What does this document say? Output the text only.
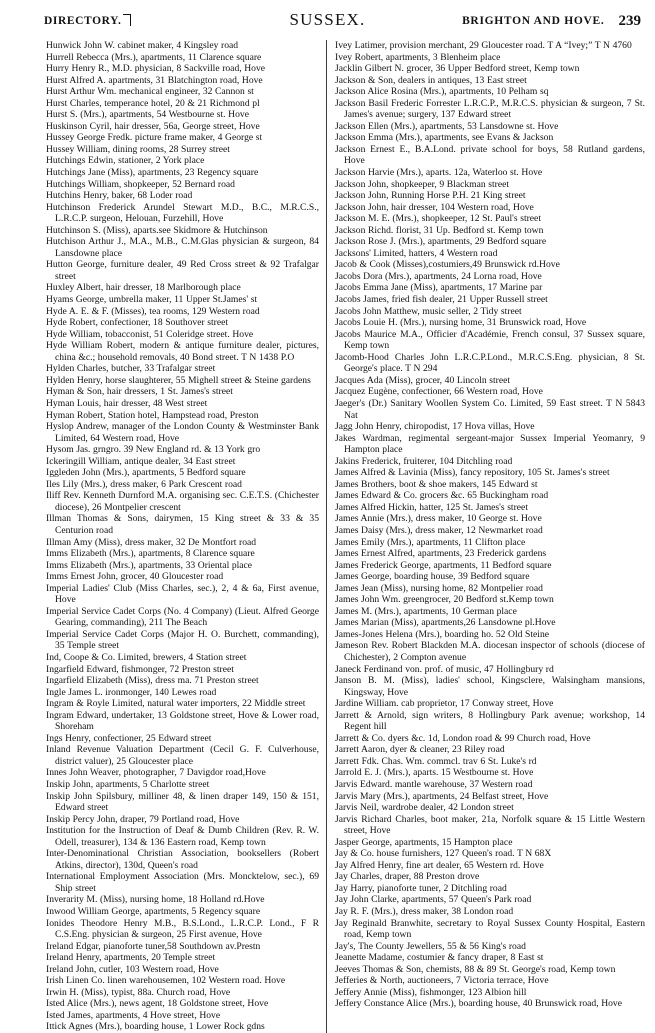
DIRECTORY.	SUSSEX.	BRIGHTON AND HOVE. 239

Hunwick John W. cabinet maker, 4 Kingsley road

Hurrell Rebecca (Mrs.), apartments, 11 Clarence square

Hurry Henry R., M.D. physician, 8 Sackville road, Hove

Hurst Alfred A. apartments, 31 Blatchington road, Hove

Hurst Arthur Wm. mechanical engineer, 32 Cannon st

Hurst Charles, temperance hotel, 20 & 21 Richmond pl

Hurst S. (Mrs.), apartments, 54 Westbourne st. Hove

Huskinson Cyril, hair dresser, 56a, George street, Hove

Hussey George Fredk. picture frame maker, 4 George st

Hussey William, dining rooms, 28 Surrey street

Hutchings Edwin, stationer, 2 York place

Hutchings Jane (Miss), apartments, 23 Regency square

Hutchings William, shopkeeper, 52 Bernard road

Hutchins Henry, baker, 68 Loder road

Hutchinson Frederick Arundel Stewart M.D., B.C., M.R.C.S., L.R.C.P. surgeon, Helouan, Furzehill, Hove

Hutchinson S. (Miss), aparts.see Skidmore & Hutchinson

Hutchison Arthur J., M.A., M.B., C.M.Glas physician & surgeon, 84 Lansdowne place

Hutton George, furniture dealer, 49 Red Cross street & 92 Trafalgar street

Huxley Albert, hair dresser, 18 Marlborough place

Hyams George, umbrella maker, 11 Upper St.James' st

Hyde A. E. & F. (Misses), tea rooms, 129 Western road

Hyde Robert, confectioner, 18 Southover street

Hyde William, tobacconist, 51 Coleridge street. Hove

Hyde William Robert, modern & antique furniture dealer, pictures, china &c.; household removals, 40 Bond street. T N 1438 P.O

Hylden Charles, butcher, 33 Trafalgar street

Hylden Henry, horse slaughterer, 55 Mighell street & Steine gardens

Hyman & Son, hair dressers, 1 St. James's street

Hyman Louis, hair dresser, 48 West street

Hyman Robert, Station hotel, Hampstead road, Preston

Hyslop Andrew, manager of the London County & Westminster Bank Limited, 64 Western road, Hove

Hysom Jas. grngro. 39 New England rd. & 13 York gro

Ickeringill William, antique dealer, 34 East street

Iggleden John (Mrs.), apartments, 5 Bedford square

Iles Lily (Mrs.), dress maker, 6 Park Crescent road

Iliff Rev. Kenneth Durnford M.A. organising sec. C.E.T.S. (Chichester diocese), 26 Montpelier crescent

Illman Thomas & Sons, dairymen, 15 King street & 33 & 35 Centurion road

Illman Amy (Miss), dress maker, 32 De Montfort road

Imms Elizabeth (Mrs.), apartments, 8 Clarence square

Imms Elizabeth (Mrs.), apartments, 33 Oriental place

Imms Ernest John, grocer, 40 Gloucester road

Imperial Ladies' Club (Miss Charles, sec.), 2, 4 & 6a, First avenue, Hove

Imperial Service Cadet Corps (No. 4 Company) (Lieut. Alfred George Gearing, commanding), 211 The Beach

Imperial Service Cadet Corps (Major H. O. Burchett, commanding), 35 Temple street

Ind, Coope & Co. Limited, brewers, 4 Station street

Ingarfield Edward, fishmonger, 72 Preston street

Ingarfield Elizabeth (Miss), dress ma. 71 Preston street

Ingle James L. ironmonger, 140 Lewes road

Ingram & Royle Limited, natural water importers, 22 Middle street

Ingram Edward, undertaker, 13 Goldstone street, Hove & Lower road, Shoreham

Ings Henry, confectioner, 25 Edward street

Inland Revenue Valuation Department (Cecil G. F. Culverhouse, district valuer), 25 Gloucester place

Innes John Weaver, photographer, 7 Davigdor road,Hove

Inskip John, apartments, 5 Charlotte street

Inskip John Spilsbury, milliner 48, & linen draper 149, 150 & 151, Edward street

Inskip Percy John, draper, 79 Portland road, Hove

Institution for the Instruction of Deaf & Dumb Children (Rev. R. W. Odell, treasurer), 134 & 136 Eastern road, Kemp town

Inter-Denominational Christian Association, booksellers (Robert Atkins, director), 130d, Queen's road

International Employment Association (Mrs. Moncktelow, sec.), 69 Ship street

Inverarity M. (Miss), nursing home, 18 Holland rd.Hove

Inwood William George, apartments, 5 Regency square

Ionides Theodore Henry M.B., B.S.Lond., L.R.C.P. Lond., F R C.S.Eng. physician & surgeon, 25 First avenue, Hove

Ireland Edgar, pianoforte tuner,58 Southdown av.Prestn

Ireland Henry, apartments, 20 Temple street

Ireland John, cutler, 103 Western road, Hove

Irish Linen Co. linen warehousemen, 102 Western road. Hove

Irwin H. (Miss), typist, 88a. Church road, Hove

Isted Alice (Mrs.), news agent, 18 Goldstone street, Hove

Isted James, apartments, 4 Hove street, Hove

Ittick Agnes (Mrs.), boarding house, 1 Lower Rock gdns

Ivey Latimer, provision merchant, 29 Gloucester road. T A “Ivey;” T N 4760

Ivey Robert, apartments, 3 Blenheim place

Jacklin Gilbert N. grocer, 36 Upper Bedford street, Kemp town

Jackson & Son, dealers in antiques, 13 East street

Jackson Alice Rosina (Mrs.), apartments, 10 Pelham sq

Jackson Basil Frederic Forrester L.R.C.P., M.R.C.S. physician & surgeon, 7 St. James's avenue; surgery, 137 Edward street

Jackson Ellen (Mrs.), apartments, 53 Lansdowne st. Hove

Jackson Emma (Mrs.), apartments, see Evans & Jackson

Jackson Ernest E., B.A.Lond. private school for boys, 58 Rutland gardens, Hove

Jackson Harvie (Mrs.), aparts. 12a, Waterloo st. Hove

Jackson John, shopkeeper, 9 Blackman street

Jackson John, Running Horse P.H. 21 King street

Jackson John, hair dresser, 104 Western road, Hove

Jackson M. E. (Mrs.), shopkeeper, 12 St. Paul's street

Jackson Richd. florist, 31 Up. Bedford st. Kemp town

Jackson Rose J. (Mrs.), apartments, 29 Bedford square

Jacksons' Limited, hatters, 4 Western road

Jacob & Cook (Misses),costumiers,49 Brunswick rd.Hove

Jacobs Dora (Mrs.), apartments, 24 Lorna road, Hove

Jacobs Emma Jane (Miss), apartments, 17 Marine par

Jacobs James, fried fish dealer, 21 Upper Russell street

Jacobs John Matthew, music seller, 2 Tidy street

Jacobs Louie H. (Mrs.), nursing home, 31 Brunswick road, Hove

Jacobs Maurice M.A., Officier d'Académie, French consul, 37 Sussex square, Kemp town

Jacomb-Hood Charles John L.R.C.P.Lond., M.R.C.S.Eng. physician, 8 St. George's place. T N 294

Jacques Ada (Miss), grocer, 40 Lincoln street

Jacquez Eugène, confectioner, 66 Western road, Hove

Jaeger's (Dr.) Sanitary Woollen System Co. Limited, 59 East street. T N 5843 Nat

Jagg John Henry, chiropodist, 17 Hova villas, Hove

Jakes Wardman, regimental sergeant-major Sussex Imperial Yeomanry, 9 Hampton place

Jakins Frederick, fruiterer, 104 Ditchling road

James Alfred & Lavinia (Miss), fancy repository, 105 St. James's street

James Brothers, boot & shoe makers, 145 Edward st

James Edward & Co. grocers &c. 65 Buckingham road

James Alfred Hickin, hatter, 125 St. James's street

James Annie (Mrs.), dress maker, 10 George st. Hove

James Daisy (Mrs.), dress maker, 12 Newmarket road

James Emily (Mrs.), apartments, 11 Clifton place

James Ernest Alfred, apartments, 23 Frederick gardens

James Frederick George, apartments, 11 Bedford square

James George, boarding house, 39 Bedford square

James Jean (Miss), nursing home, 82 Montpelier road

James John Wm. greengrocer, 20 Bedford st.Kemp town

James M. (Mrs.), apartments, 10 German place

James Marian (Miss), apartments,26 Lansdowne pl.Hove

James-Jones Helena (Mrs.), boarding ho. 52 Old Steine

Jameson Rev. Robert Blackden M.A. diocesan inspector of schools (diocese of Chichester), 2 Compton avenue

Janeck Ferdinand von. prof. of music, 47 Hollingbury rd

Janson B. M. (Miss), ladies' school, Kingsclere, Walsingham mansions, Kingsway, Hove

Jardine William. cab proprietor, 17 Conway street, Hove

Jarrett & Arnold, sign writers, 8 Hollingbury Park avenue; workshop, 14 Regent hill

Jarrett & Co. dyers &c. 1d, London road & 99 Church road, Hove

Jarrett Aaron, dyer & cleaner, 23 Riley road

Jarrett Fdk. Chas. Wm. commcl. trav 6 St. Luke's rd

Jarrold E. J. (Mrs.), aparts. 15 Westbourne st. Hove

Jarvis Edward. mantle warehouse, 37 Western road

Jarvis Mary (Mrs.), apartments, 24 Belfast street, Hove

Jarvis Neil, wardrobe dealer, 42 London street

Jarvis Richard Charles, boot maker, 21a, Norfolk square & 15 Little Western street, Hove

Jasper George, apartments, 15 Hampton place

Jay & Co. house furnishers, 127 Queen's road. T N 68X

Jay Alfred Henry, fine art dealer, 65 Western rd. Hove

Jay Charles, draper, 88 Preston drove

Jay Harry, pianoforte tuner, 2 Ditchling road

Jay John Clarke, apartments, 57 Queen's Park road

Jay R. F. (Mrs.), dress maker, 38 London road

Jay Reginald Branwhite, secretary to Royal Sussex County Hospital, Eastern road, Kemp town

Jay's, The County Jewellers, 55 & 56 King's road

Jeanette Madame, costumier & fancy draper, 8 East st

Jeeves Thomas & Son, chemists, 88 & 89 St. George's road, Kemp town

Jefferies & North, auctioneers, 7 Victoria terrace, Hove

Jeffery Annie (Miss), fishmonger, 123 Albion hill

Jeffery Constance Alice (Mrs.), boarding house, 40 Brunswick road, Hove
